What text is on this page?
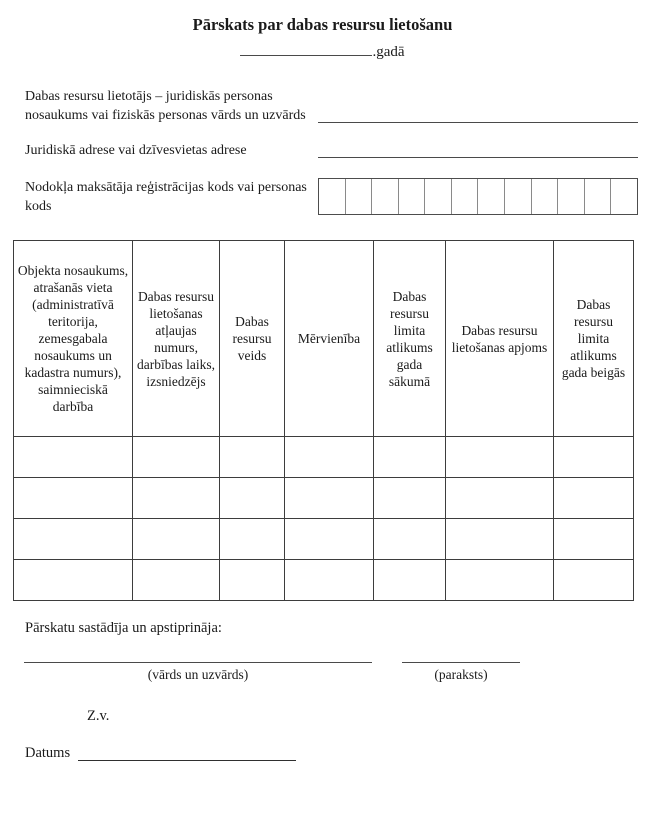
Pārskats par dabas resursu lietošanu
.gadā
Dabas resursu lietotājs – juridiskās personas nosaukums vai fiziskās personas vārds un uzvārds
Juridiskā adrese vai dzīvesvietas adrese
Nodokļa maksātāja reģistrācijas kods vai personas kods
Objekta nosaukums, atrašanās vieta (administratīvā teritorija, zemesgabala nosaukums un kadastra numurs), saimnieciskā darbība	Dabas resursu lietošanas atļaujas numurs, darbības laiks, izsniedzējs	Dabas resursu veids	Mērvienība	Dabas resursu limita atlikums gada sākumā	Dabas resursu lietošanas apjoms	Dabas resursu limita atlikums gada beigās

Pārskatu sastādīja un apstiprināja:
(vārds un uzvārds)	(paraksts)
Z.v.
Datums
